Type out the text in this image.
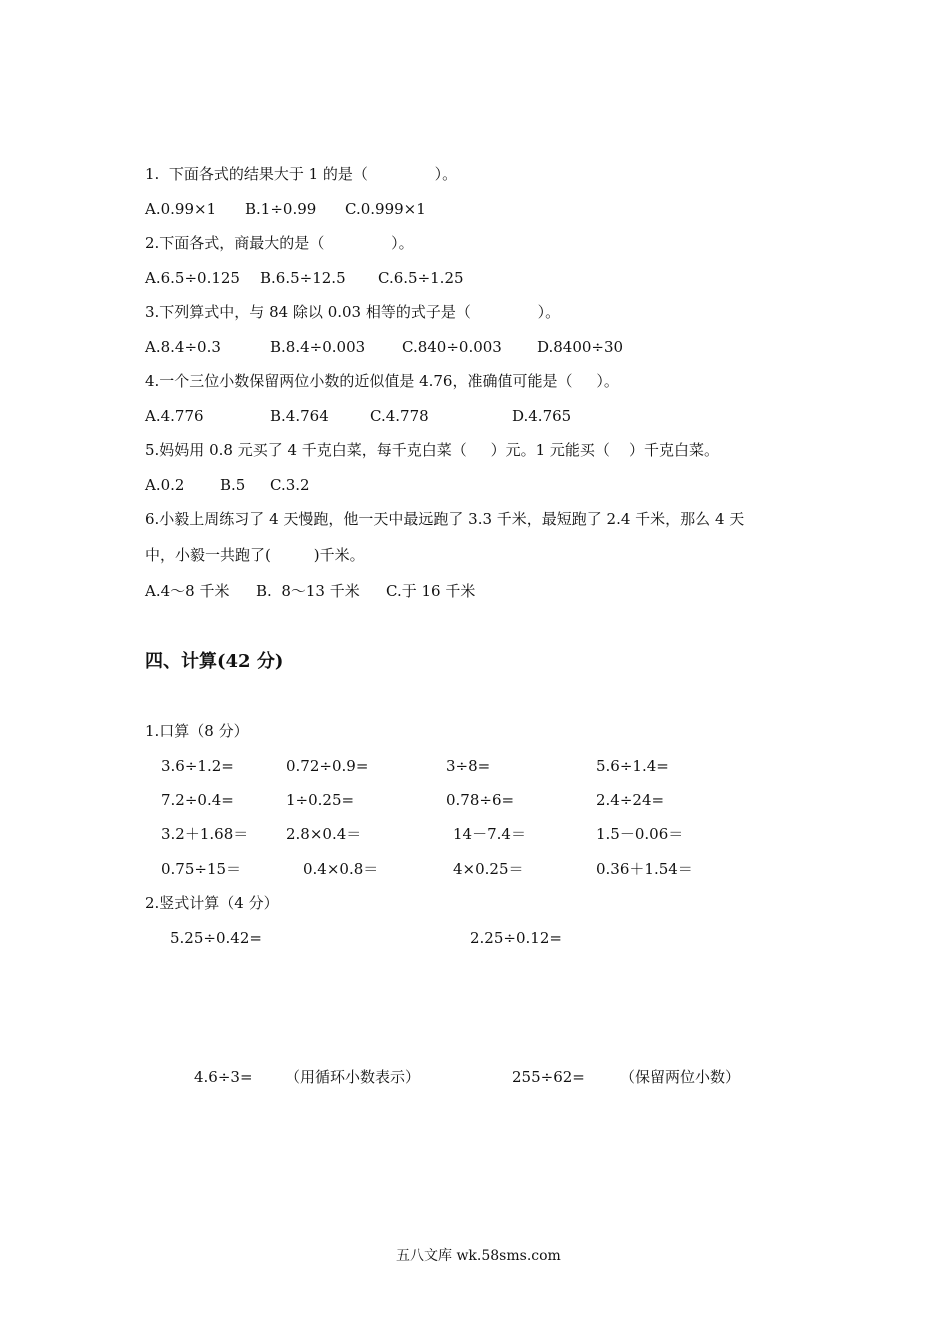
1.  下面各式的结果大于 1 的是（              ）。
A.0.99×1 B.1÷0.99 C.0.999×1
2.下面各式，商最大的是（              ）。
A.6.5÷0.125 B.6.5÷12.5 C.6.5÷1.25
3.下列算式中，与 84 除以 0.03 相等的式子是（              ）。
A.8.4÷0.3	B.8.4÷0.003 C.840÷0.003 D.8400÷30
4.一个三位小数保留两位小数的近似值是 4.76，准确值可能是（     ）。
A.4.776	B.4.764	C.4.778	D.4.765
5.妈妈用 0.8 元买了 4 千克白菜，每千克白菜（     ）元。1 元能买（    ）千克白菜。
A.0.2 B.5 C.3.2
6.小毅上周练习了 4 天慢跑，他一天中最远跑了 3.3 千米，最短跑了 2.4 千米，那么 4 天
中，小毅一共跑了(         )千米。
A.4～8 千米 B.  8～13 千米 C.于 16 千米
四、计算(42 分)
1.口算（8 分）
3.6÷1.2=	0.72÷0.9=	3÷8=	5.6÷1.4=
7.2÷0.4=	1÷0.25=	0.78÷6=	2.4÷24=
3.2＋1.68＝	2.8×0.4＝	14－7.4＝	1.5－0.06＝
0.75÷15＝	0.4×0.8＝	4×0.25＝	0.36＋1.54＝
2.竖式计算（4 分）
5.25÷0.42=	2.25÷0.12=
4.6÷3= （用循环小数表示）	255÷62= （保留两位小数）
五八文库 wk.58sms.com
